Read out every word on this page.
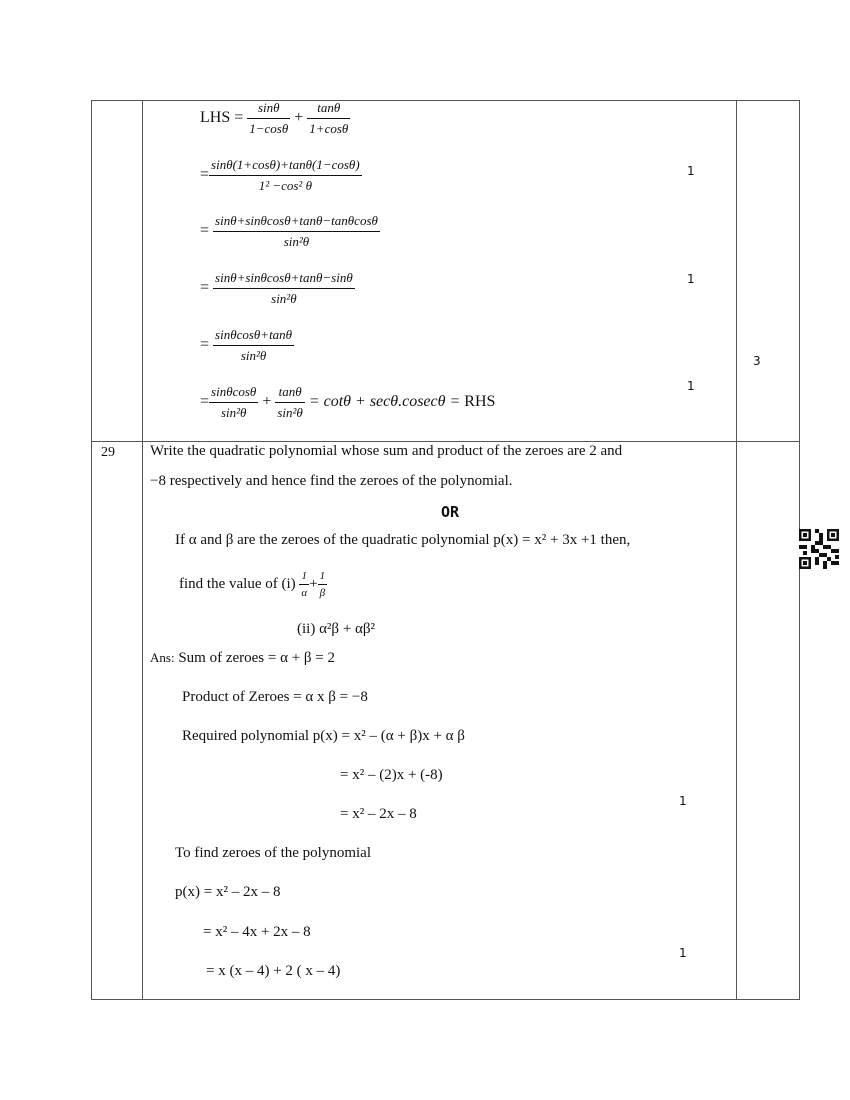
LHS = $\frac{\sin\theta}{1-\cos\theta} + \frac{\tan\theta}{1+\cos\theta}$
= $\frac{\sin\theta(1+\cos\theta)+\tan\theta(1-\cos\theta)}{\text{1² −cos² θ}}$
= $\frac{\sin\theta+\sin\theta\cos\theta+\tan\theta-\tan\theta\cos\theta}{\text{sin²θ}}$
= $\frac{\sin\theta+\sin\theta\cos\theta+\tan\theta-\sin\theta}{\text{sin²θ}}$
= $\frac{\sin\theta\cos\theta+\tan\theta}{\text{sin²θ}}$
= $\frac{\sin\theta\cos\theta}{\text{sin²θ}} + \frac{\tan\theta}{\text{sin²θ}} = \cot\theta + \sec\theta.cosec\theta$ = RHS
1
1
1
3
29 Write the quadratic polynomial whose sum and product of the zeroes are 2 and
−8 respectively and hence find the zeroes of the polynomial.
OR
If α and β are the zeroes of the quadratic polynomial p(x) = x² + 3x +1 then,
find the value of $(i) \frac{1}{\alpha} + \frac{1}{\beta}$
(ii) α²β + αβ²
Ans: Sum of zeroes = α + β = 2
Product of Zeroes = α x β = −8
Required polynomial p(x) = x² – (α + β)x + α β
= x² – (2)x + (-8)
= x² – 2x – 8
To find zeroes of the polynomial
p(x) = x² – 2x – 8
= x² – 4x + 2x – 8
= x (x – 4) + 2 ( x – 4)
1
1
